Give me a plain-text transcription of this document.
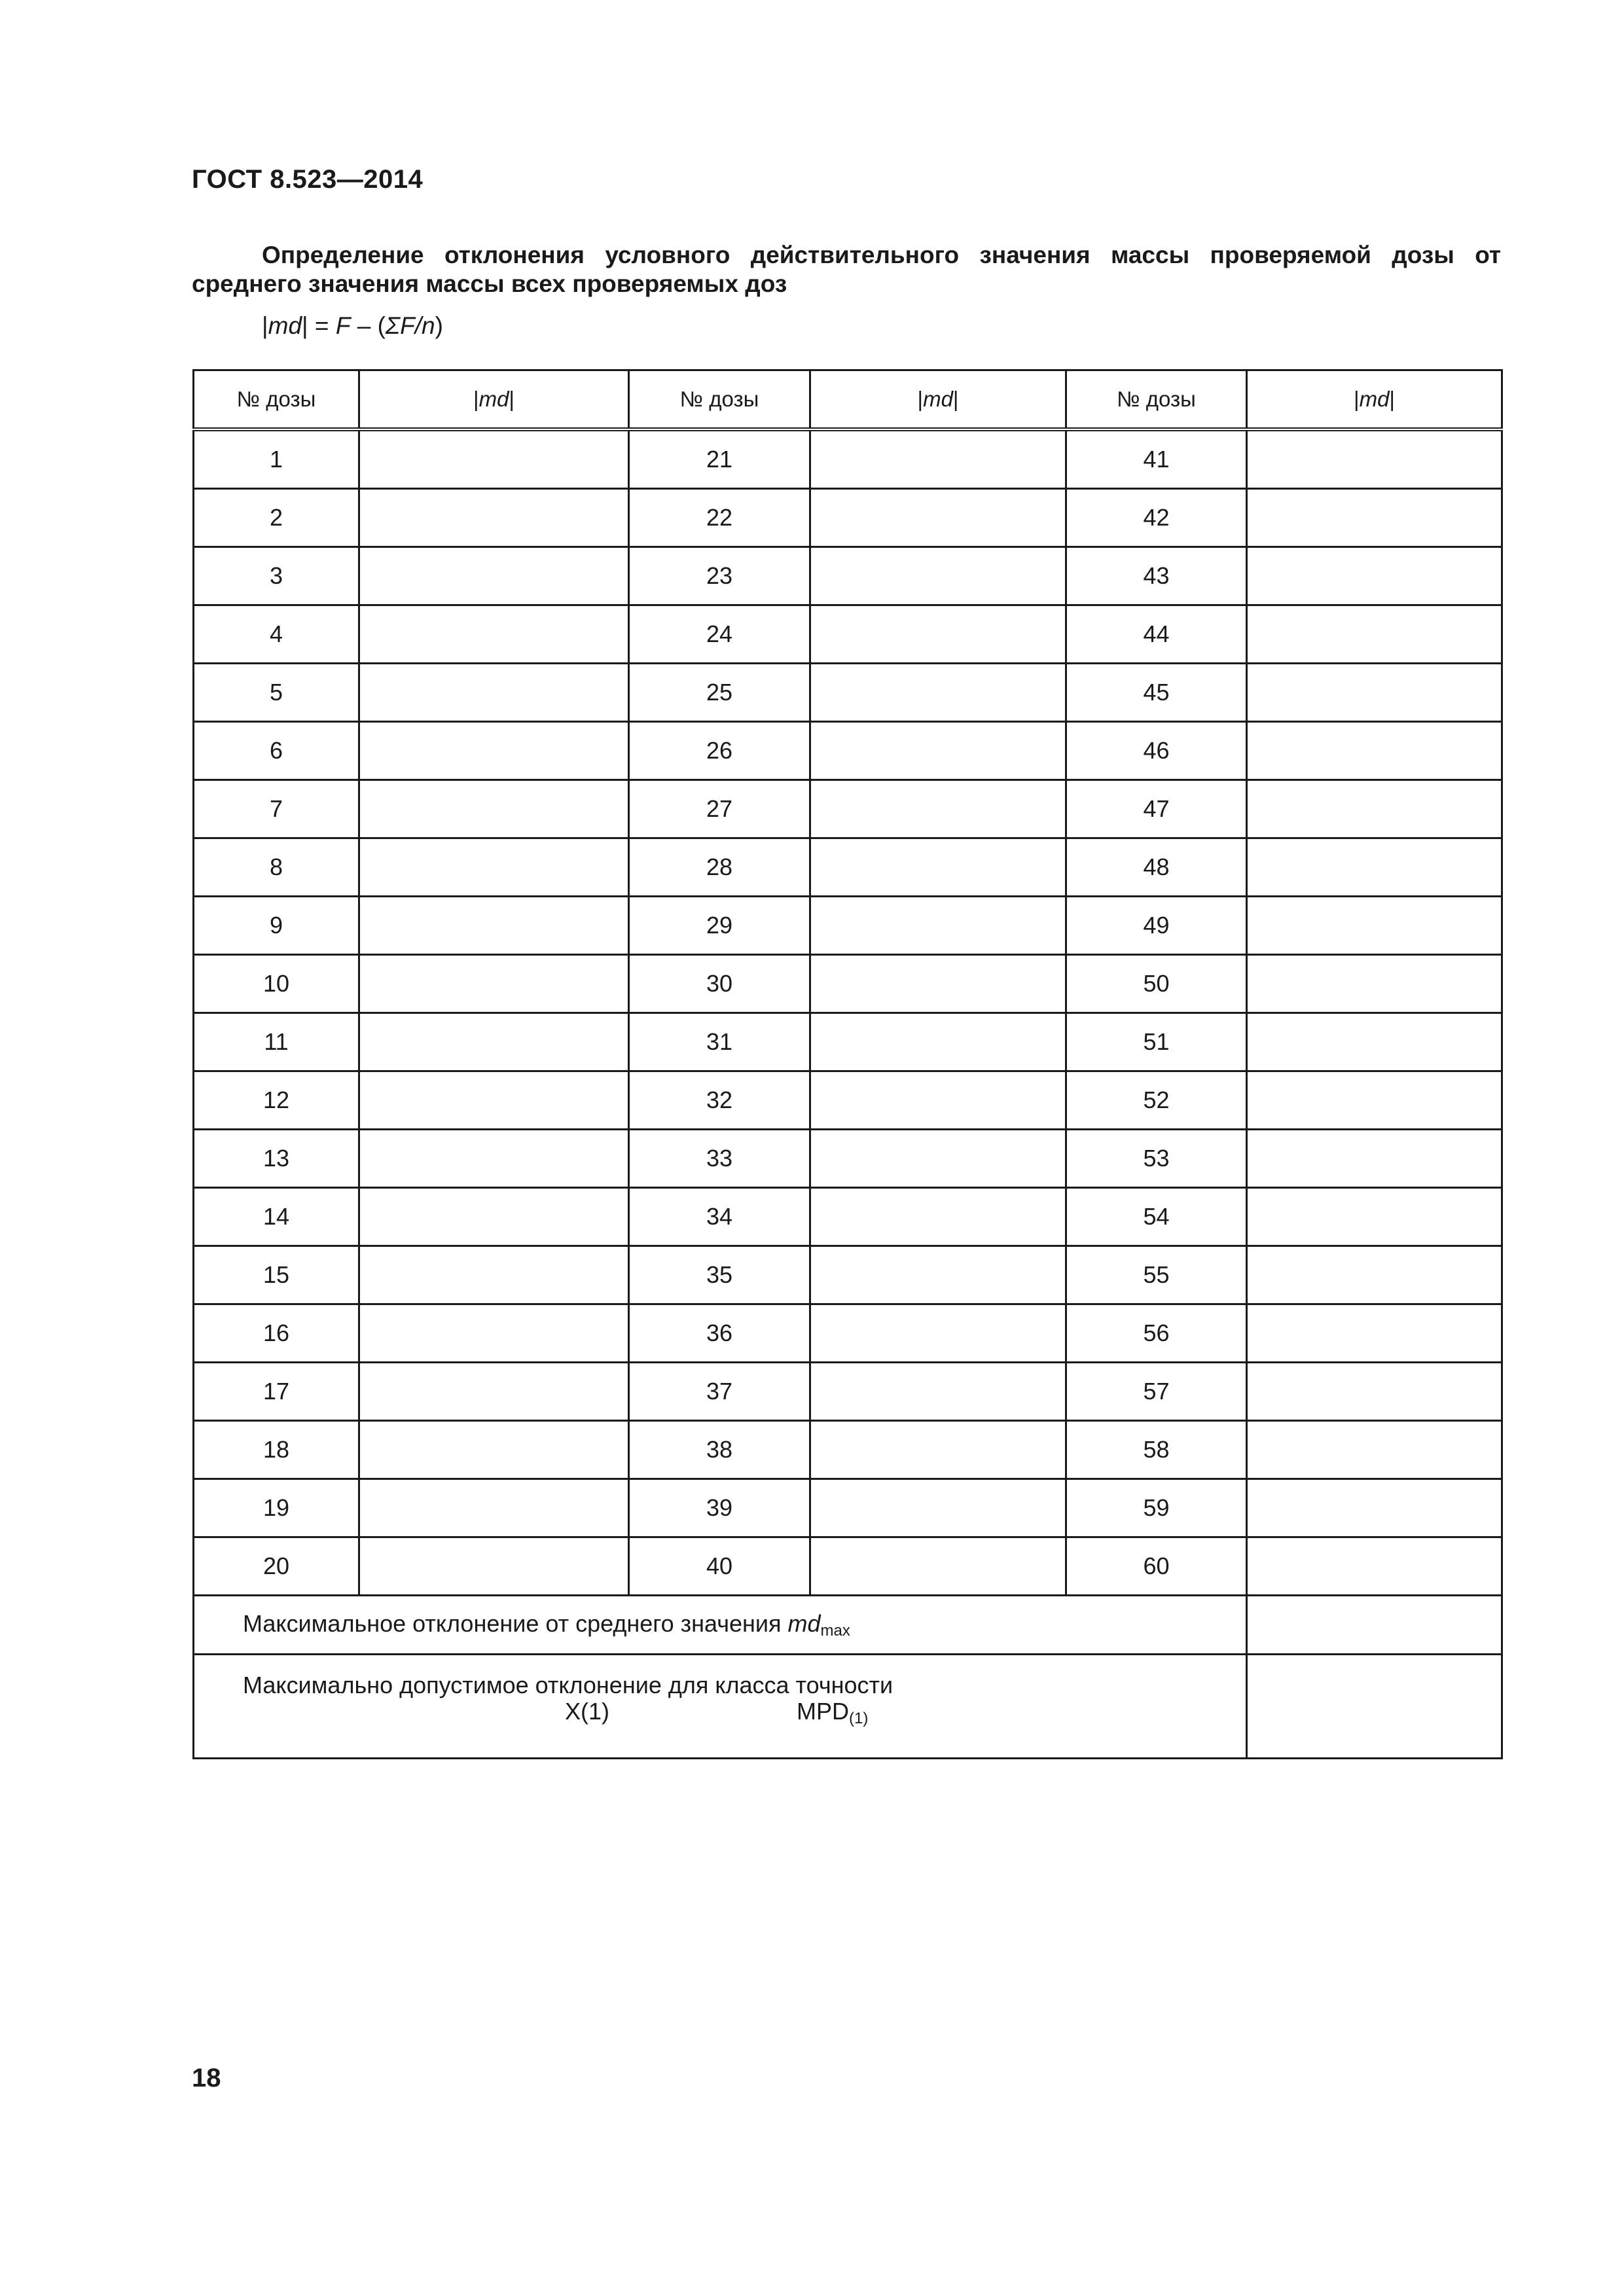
ГОСТ 8.523—2014
Определение отклонения условного действительного значения массы проверяемой дозы от среднего значения массы всех проверяемых доз
|md| = F – (ΣF/n)
№ дозы	|md|	№ дозы	|md|	№ дозы	|md|
1		21		41	
2		22		42	
3		23		43	
4		24		44	
5		25		45	
6		26		46	
7		27		47	
8		28		48	
9		29		49	
10		30		50	
11		31		51	
12		32		52	
13		33		53	
14		34		54	
15		35		55	
16		36		56	
17		37		57	
18		38		58	
19		39		59	
20		40		60	
Максимальное отклонение от среднего значения $md_{max}$	

Максимально допустимое отклонение для класса точности
X(1) $MPD_{(1)}$

18
